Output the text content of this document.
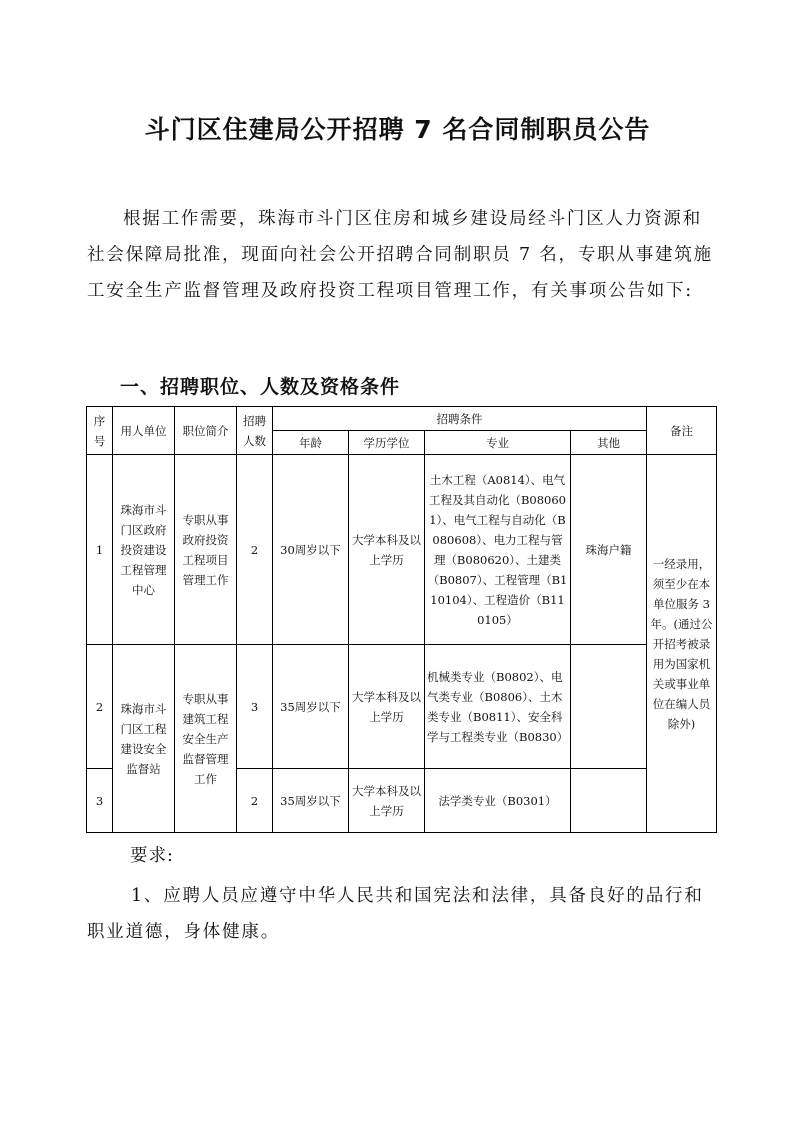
斗门区住建局公开招聘 7 名合同制职员公告
根据工作需要，珠海市斗门区住房和城乡建设局经斗门区人力资源和社会保障局批准，现面向社会公开招聘合同制职员 7 名，专职从事建筑施工安全生产监督管理及政府投资工程项目管理工作，有关事项公告如下:
一、招聘职位、人数及资格条件
序号	用人单位	职位简介	招聘人数	招聘条件				备注
				年龄	学历学位	专业	其他	
1	珠海市斗门区政府投资建设工程管理中心	专职从事政府投资工程项目管理工作	2	30周岁以下	大学本科及以上学历	土木工程（A0814）、电气工程及其自动化（B080601）、电气工程与自动化（B080608）、电力工程与管理（B080620）、土建类（B0807）、工程管理（B110104）、工程造价（B110105）	珠海户籍	一经录用，须至少在本单位服务 3 年。(通过公开招考被录用为国家机关或事业单位在编人员除外)
2	珠海市斗门区工程建设安全监督站	专职从事建筑工程安全生产监督管理工作	3	35周岁以下	大学本科及以上学历	机械类专业（B0802）、电气类专业（B0806）、土木类专业（B0811）、安全科学与工程类专业（B0830）		
3			2	35周岁以下	大学本科及以上学历	法学类专业（B0301）		
要求:
1、应聘人员应遵守中华人民共和国宪法和法律，具备良好的品行和职业道德，身体健康。
